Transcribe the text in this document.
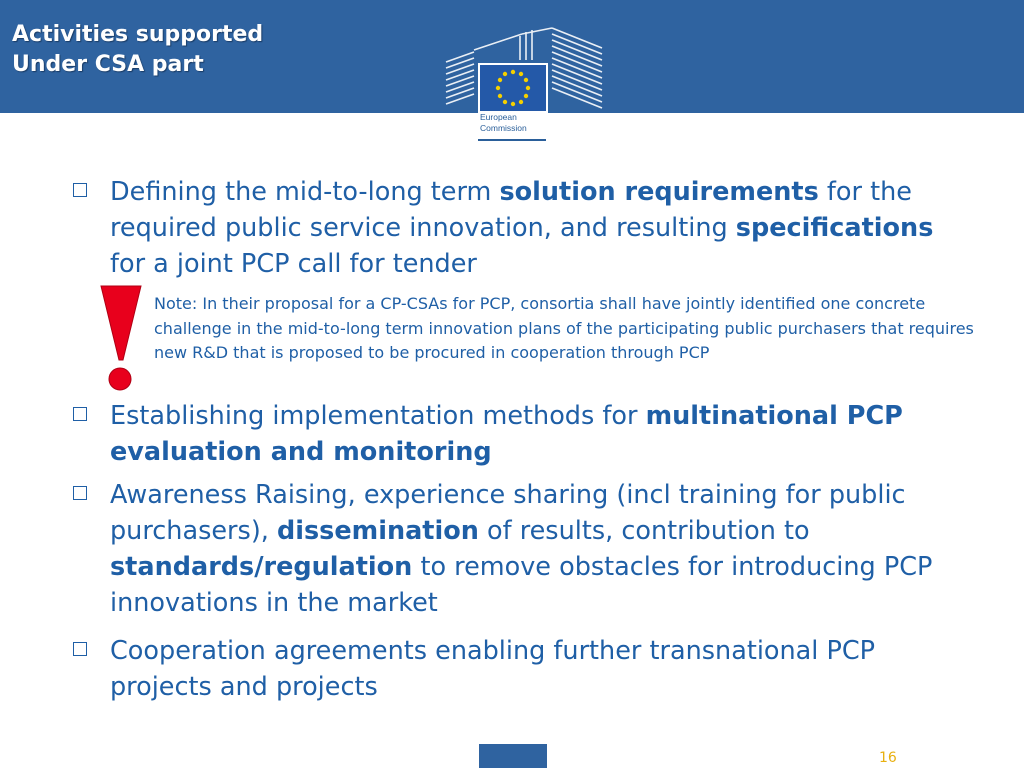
Activities supported
Under CSA part
European
Commission
Defining the mid-to-long term solution requirements for the required public service innovation, and resulting specifications for a joint PCP call for tender
Note: In their proposal for a CP-CSAs for PCP, consortia shall have jointly identified one concrete challenge in the mid-to-long term innovation plans of the participating public purchasers that requires new R&D that is proposed to be procured in cooperation through PCP
Establishing implementation methods for multinational PCP evaluation and monitoring
Awareness Raising, experience sharing (incl training for public purchasers), dissemination of results, contribution to standards/regulation to remove obstacles for introducing PCP innovations in the market
Cooperation agreements enabling further transnational PCP projects and projects
16
